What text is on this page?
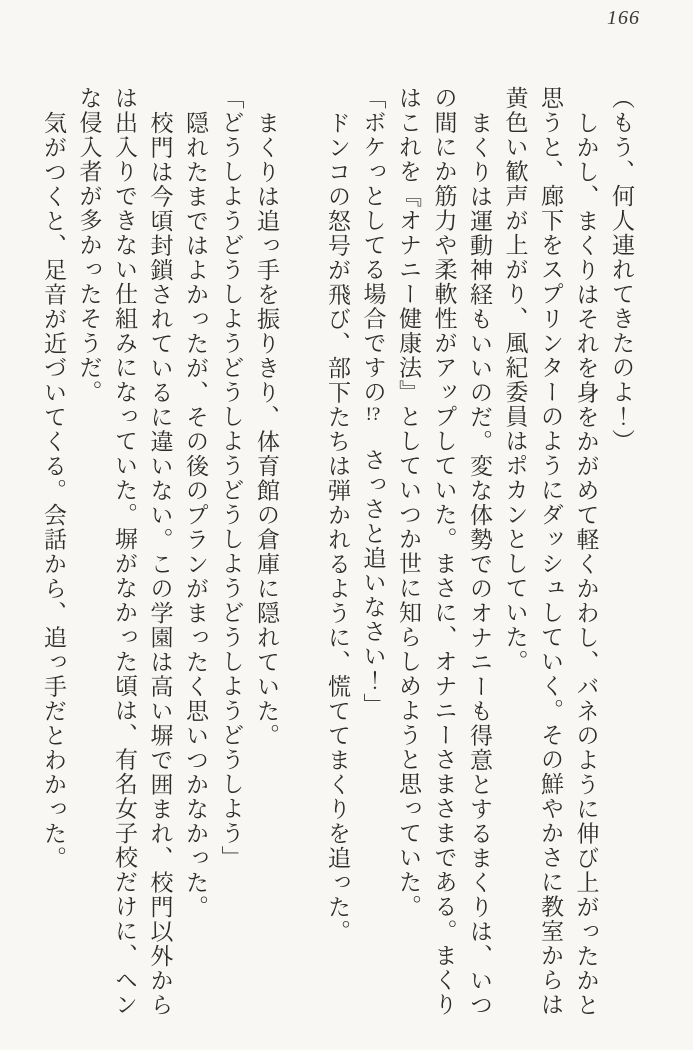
166
（もう、何人連れてきたのよ！）
しかし、まくりはそれを身をかがめて軽くかわし、バネのように伸び上がったかと
思うと、廊下をスプリンターのようにダッシュしていく。その鮮やかさに教室からは
黄色い歓声が上がり、風紀委員はポカンとしていた。
まくりは運動神経もいいのだ。変な体勢でのオナニーも得意とするまくりは、いつ
の間にか筋力や柔軟性がアップしていた。まさに、オナニーさまさまである。まくり
はこれを『オナニー健康法』としていつか世に知らしめようと思っていた。
「ボケっとしてる場合ですの!?　さっさと追いなさい！」
ドンコの怒号が飛び、部下たちは弾かれるように、慌ててまくりを追った。
まくりは追っ手を振りきり、体育館の倉庫に隠れていた。
「どうしようどうしようどうしようどうしようどうしようどうしよう」
隠れたまではよかったが、その後のプランがまったく思いつかなかった。
校門は今頃封鎖されているに違いない。この学園は高い塀で囲まれ、校門以外から
は出入りできない仕組みになっていた。塀がなかった頃は、有名女子校だけに、ヘン
な侵入者が多かったそうだ。
気がつくと、足音が近づいてくる。会話から、追っ手だとわかった。
